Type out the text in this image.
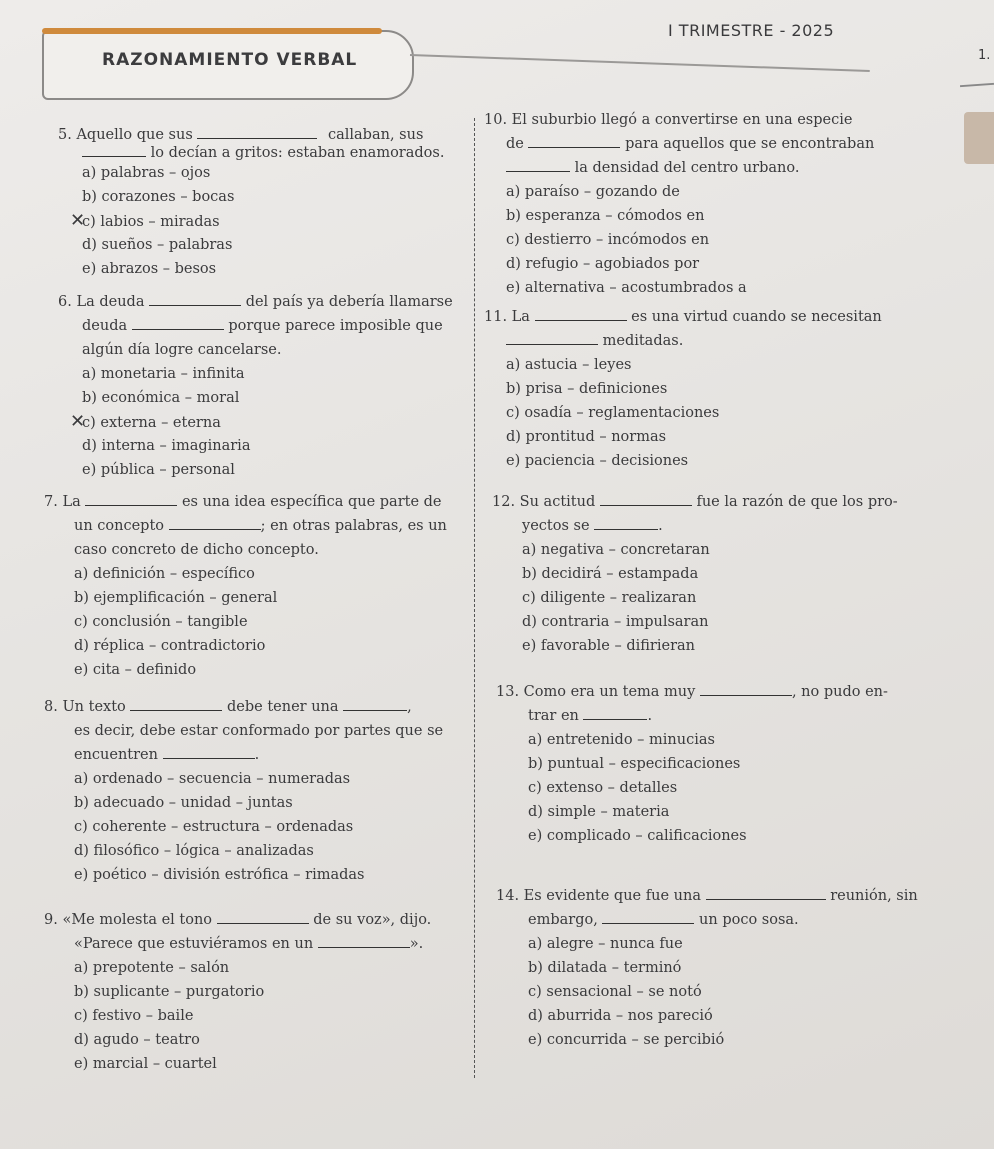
RAZONAMIENTO VERBAL
I TRIMESTRE - 2025
1.
5. Aquello que sus	callaban, sus
lo decían a gritos: estaban enamorados.
a) palabras – ojos
b) corazones – bocas
✕c) labios – miradas
d) sueños – palabras
e) abrazos – besos
6. La deuda	del país ya debería llamarse
deuda	porque parece imposible que
algún día logre cancelarse.
a) monetaria – infinita
b) económica – moral
✕c) externa – eterna
d) interna – imaginaria
e) pública – personal
7. La	es una idea específica que parte de
un concepto	; en otras palabras, es un
caso concreto de dicho concepto.
a) definición – específico
b) ejemplificación – general
c) conclusión – tangible
d) réplica – contradictorio
e) cita – definido
8. Un texto	debe tener una	,
es decir, debe estar conformado por partes que se
encuentren	.
a) ordenado – secuencia – numeradas
b) adecuado – unidad – juntas
c) coherente – estructura – ordenadas
d) filosófico – lógica – analizadas
e) poético – división estrófica – rimadas
9. «Me molesta el tono	de su voz», dijo.
«Parece que estuviéramos en un	».
a) prepotente – salón
b) suplicante – purgatorio
c) festivo – baile
d) agudo – teatro
e) marcial – cuartel
10. El suburbio llegó a convertirse en una especie
de	para aquellos que se encontraban
la densidad del centro urbano.
a) paraíso – gozando de
b) esperanza – cómodos en
c) destierro – incómodos en
d) refugio – agobiados por
e) alternativa – acostumbrados a
11. La	es una virtud cuando se necesitan
meditadas.
a) astucia – leyes
b) prisa – definiciones
c) osadía – reglamentaciones
d) prontitud – normas
e) paciencia – decisiones
12. Su actitud	fue la razón de que los pro-
yectos se	.
a) negativa – concretaran
b) decidirá – estampada
c) diligente – realizaran
d) contraria – impulsaran
e) favorable – difirieran
13. Como era un tema muy	, no pudo en-
trar en	.
a) entretenido – minucias
b) puntual – especificaciones
c) extenso – detalles
d) simple – materia
e) complicado – calificaciones
14. Es evidente que fue una	reunión, sin
embargo,	un poco sosa.
a) alegre – nunca fue
b) dilatada – terminó
c) sensacional – se notó
d) aburrida – nos pareció
e) concurrida – se percibió
